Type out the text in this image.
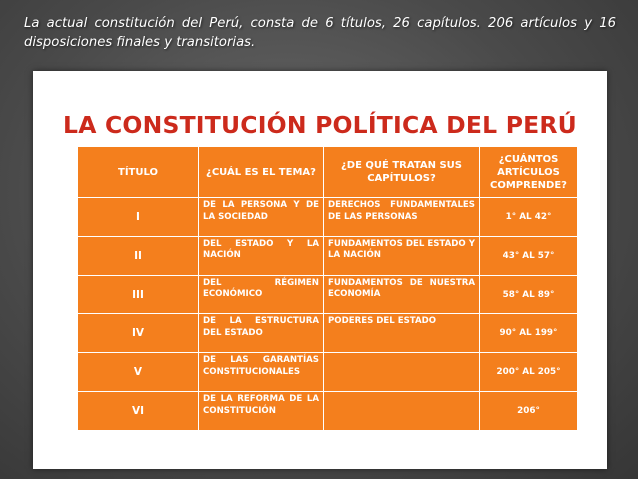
La actual constitución del Perú, consta de 6 títulos, 26 capítulos. 206 artículos y 16 disposiciones finales y transitorias.
LA CONSTITUCIÓN POLÍTICA DEL PERÚ
TÍTULO	¿CUÁL ES EL TEMA?	¿DE QUÉ TRATAN SUS CAPÍTULOS?	¿CUÁNTOS ARTÍCULOS COMPRENDE?
I	DE LA PERSONA Y DE LA SOCIEDAD	DERECHOS FUNDAMENTALES DE LAS PERSONAS	1° AL 42°
II	DEL ESTADO Y LA NACIÓN	FUNDAMENTOS DEL ESTADO Y LA NACIÓN	43° AL 57°
III	DEL RÉGIMEN ECONÓMICO	FUNDAMENTOS DE NUESTRA ECONOMÍA	58° AL 89°
IV	DE LA ESTRUCTURA DEL ESTADO	PODERES DEL ESTADO	90° AL 199°
V	DE LAS GARANTÍAS CONSTITUCIONALES		200° AL 205°
VI	DE LA REFORMA DE LA CONSTITUCIÓN		206°
